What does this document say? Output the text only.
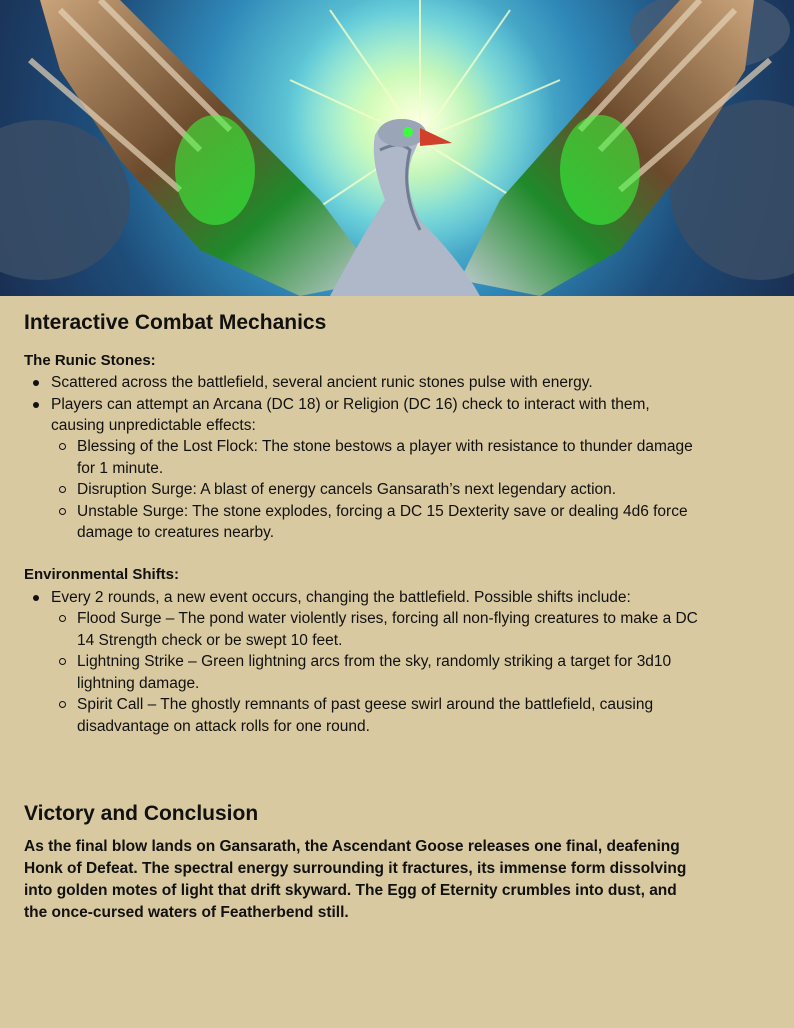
Interactive Combat Mechanics
The Runic Stones:
Scattered across the battlefield, several ancient runic stones pulse with energy.
Players can attempt an Arcana (DC 18) or Religion (DC 16) check to interact with them, causing unpredictable effects:
Blessing of the Lost Flock: The stone bestows a player with resistance to thunder damage for 1 minute.
Disruption Surge: A blast of energy cancels Gansarath’s next legendary action.
Unstable Surge: The stone explodes, forcing a DC 15 Dexterity save or dealing 4d6 force damage to creatures nearby.
Environmental Shifts:
Every 2 rounds, a new event occurs, changing the battlefield. Possible shifts include:
Flood Surge – The pond water violently rises, forcing all non-flying creatures to make a DC 14 Strength check or be swept 10 feet.
Lightning Strike – Green lightning arcs from the sky, randomly striking a target for 3d10 lightning damage.
Spirit Call – The ghostly remnants of past geese swirl around the battlefield, causing disadvantage on attack rolls for one round.
Victory and Conclusion
As the final blow lands on Gansarath, the Ascendant Goose releases one final, deafening Honk of Defeat. The spectral energy surrounding it fractures, its immense form dissolving into golden motes of light that drift skyward. The Egg of Eternity crumbles into dust, and the once-cursed waters of Featherbend still.
